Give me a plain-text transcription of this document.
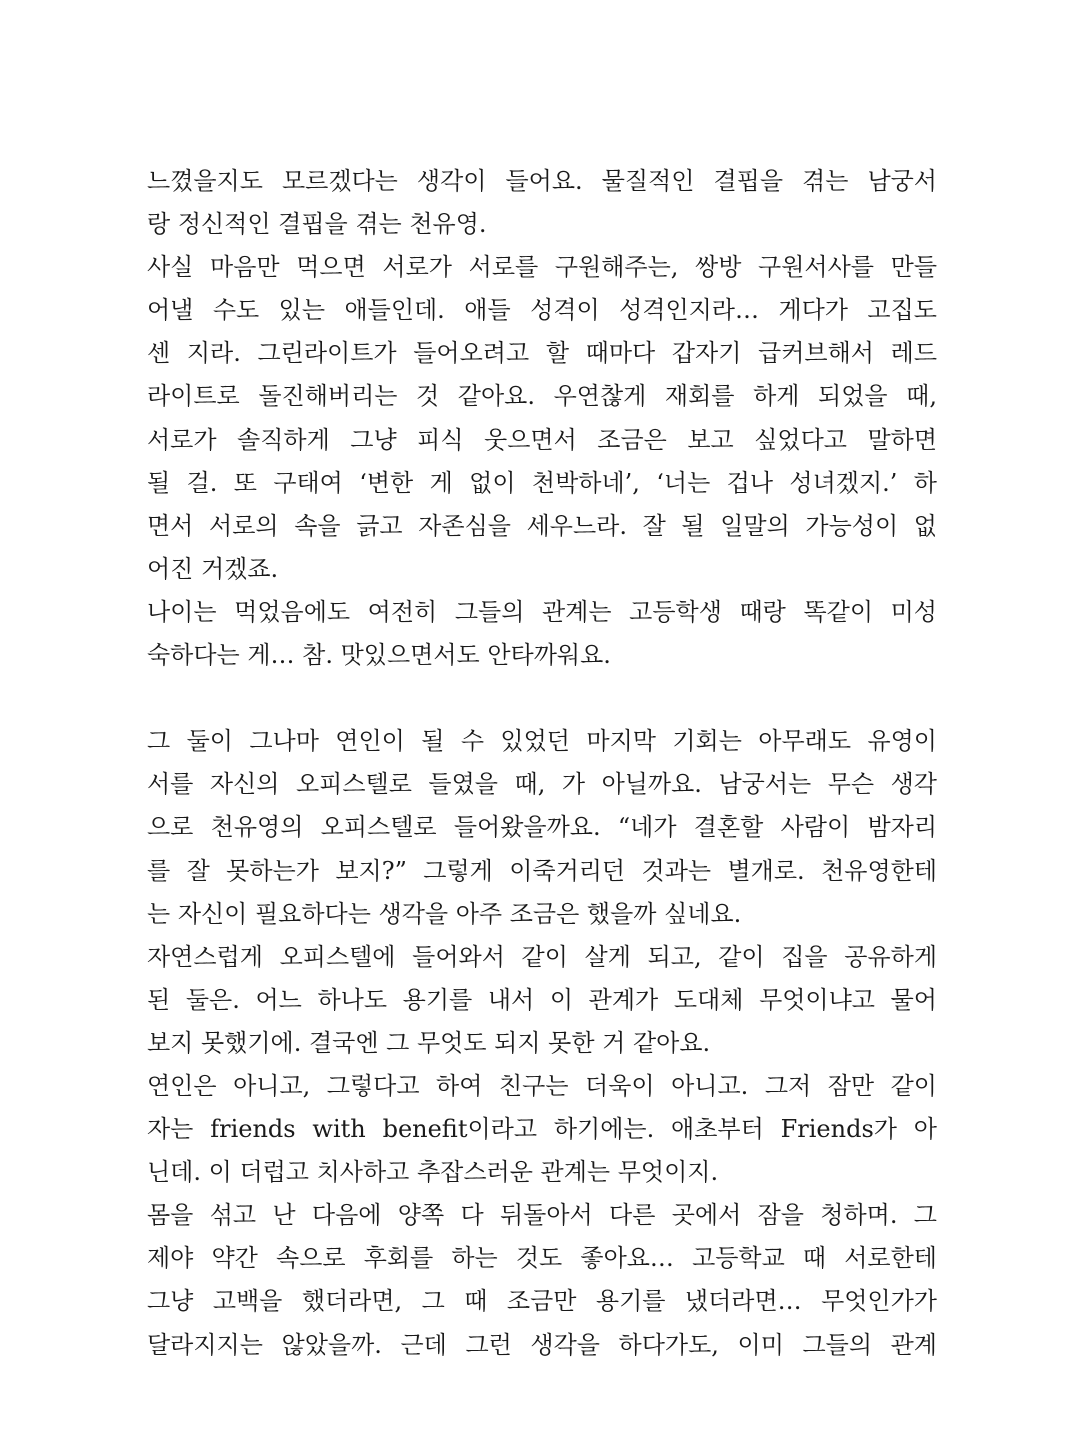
느꼈을지도 모르겠다는 생각이 들어요. 물질적인 결핍을 겪는 남궁서
랑 정신적인 결핍을 겪는 천유영.
사실 마음만 먹으면 서로가 서로를 구원해주는, 쌍방 구원서사를 만들
어낼 수도 있는 애들인데. 애들 성격이 성격인지라… 게다가 고집도
센 지라. 그린라이트가 들어오려고 할 때마다 갑자기 급커브해서 레드
라이트로 돌진해버리는 것 같아요. 우연찮게 재회를 하게 되었을 때,
서로가 솔직하게 그냥 피식 웃으면서 조금은 보고 싶었다고 말하면
될 걸. 또 구태여 ‘변한 게 없이 천박하네’, ‘너는 겁나 성녀겠지.’ 하
면서 서로의 속을 긁고 자존심을 세우느라. 잘 될 일말의 가능성이 없
어진 거겠죠.
나이는 먹었음에도 여전히 그들의 관계는 고등학생 때랑 똑같이 미성
숙하다는 게… 참. 맛있으면서도 안타까워요.
그 둘이 그나마 연인이 될 수 있었던 마지막 기회는 아무래도 유영이
서를 자신의 오피스텔로 들였을 때, 가 아닐까요. 남궁서는 무슨 생각
으로 천유영의 오피스텔로 들어왔을까요. “네가 결혼할 사람이 밤자리
를 잘 못하는가 보지?” 그렇게 이죽거리던 것과는 별개로. 천유영한테
는 자신이 필요하다는 생각을 아주 조금은 했을까 싶네요.
자연스럽게 오피스텔에 들어와서 같이 살게 되고, 같이 집을 공유하게
된 둘은. 어느 하나도 용기를 내서 이 관계가 도대체 무엇이냐고 물어
보지 못했기에. 결국엔 그 무엇도 되지 못한 거 같아요.
연인은 아니고, 그렇다고 하여 친구는 더욱이 아니고. 그저 잠만 같이
자는 friends with benefit이라고 하기에는. 애초부터 Friends가 아
닌데. 이 더럽고 치사하고 추잡스러운 관계는 무엇이지.
몸을 섞고 난 다음에 양쪽 다 뒤돌아서 다른 곳에서 잠을 청하며. 그
제야 약간 속으로 후회를 하는 것도 좋아요… 고등학교 때 서로한테
그냥 고백을 했더라면, 그 때 조금만 용기를 냈더라면… 무엇인가가
달라지지는 않았을까. 근데 그런 생각을 하다가도, 이미 그들의 관계
